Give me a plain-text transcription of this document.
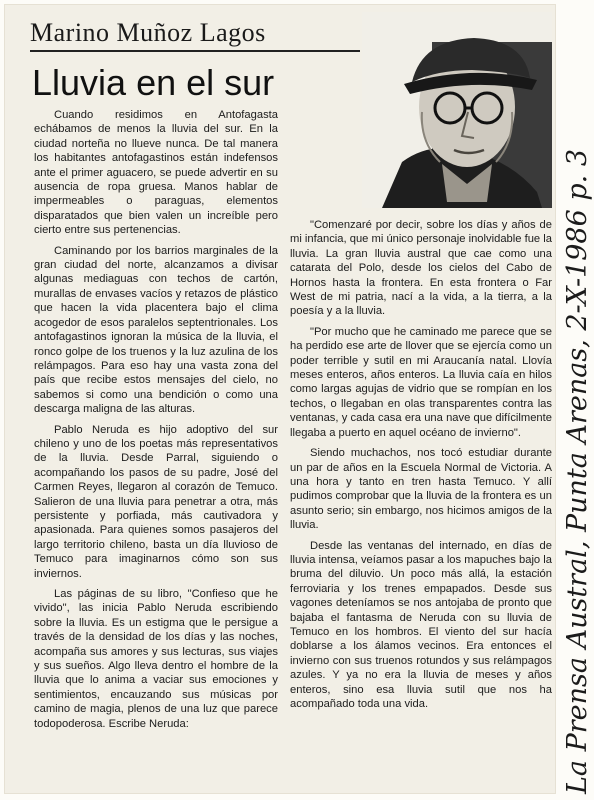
Marino Muñoz Lagos
Lluvia en el sur

Cuando residimos en Antofagasta echábamos de menos la lluvia del sur. En la ciudad norteña no llueve nunca. De tal manera los habitantes antofagastinos están indefensos ante el primer aguacero, se puede advertir en su ausencia de ropa gruesa. Manos hablar de impermeables o paraguas, elementos disparatados que bien valen un increíble pero cierto entre sus pertenencias.

Caminando por los barrios marginales de la gran ciudad del norte, alcanzamos a divisar algunas mediaguas con techos de cartón, murallas de envases vacíos y retazos de plástico que hacen la vida placentera bajo el clima acogedor de esos paralelos septentrionales. Los antofagastinos ignoran la música de la lluvia, el ronco golpe de los truenos y la luz azulina de los relámpagos. Para eso hay una vasta zona del país que recibe estos mensajes del cielo, no sabemos si como una bendición o como una descarga maligna de las alturas.

Pablo Neruda es hijo adoptivo del sur chileno y uno de los poetas más representativos de la lluvia. Desde Parral, siguiendo o acompañando los pasos de su padre, José del Carmen Reyes, llegaron al corazón de Temuco. Salieron de una lluvia para penetrar a otra, más persistente y porfiada, más cautivadora y apasionada. Para quienes somos pasajeros del largo territorio chileno, basta un día lluvioso de Temuco para imaginarnos cómo son sus inviernos.

Las páginas de su libro, "Confieso que he vivido", las inicia Pablo Neruda escribiendo sobre la lluvia. Es un estigma que le persigue a través de la densidad de los días y las noches, acompaña sus amores y sus lecturas, sus viajes y sus sueños. Algo lleva dentro el hombre de la lluvia que lo anima a vaciar sus emociones y sentimientos, encauzando sus músicas por camino de magia, plenos de una luz que parece todopoderosa. Escribe Neruda:

"Comenzaré por decir, sobre los días y años de mi infancia, que mi único personaje inolvidable fue la lluvia. La gran lluvia austral que cae como una catarata del Polo, desde los cielos del Cabo de Hornos hasta la frontera. En esta frontera o Far West de mi patria, nací a la vida, a la tierra, a la poesía y a la lluvia.

"Por mucho que he caminado me parece que se ha perdido ese arte de llover que se ejercía como un poder terrible y sutil en mi Araucanía natal. Llovía meses enteros, años enteros. La lluvia caía en hilos como largas agujas de vidrio que se rompían en los techos, o llegaban en olas transparentes contra las ventanas, y cada casa era una nave que difícilmente llegaba a puerto en aquel océano de invierno".

Siendo muchachos, nos tocó estudiar durante un par de años en la Escuela Normal de Victoria. A una hora y tanto en tren hasta Temuco. Y allí pudimos comprobar que la lluvia de la frontera es un asunto serio; sin embargo, nos hicimos amigos de la lluvia.

Desde las ventanas del internado, en días de lluvia intensa, veíamos pasar a los mapuches bajo la bruma del diluvio. Un poco más allá, la estación ferroviaria y los trenes empapados. Desde sus vagones deteníamos se nos antojaba de pronto que bajaba el fantasma de Neruda con su lluvia de Temuco en los hombros. El viento del sur hacía doblarse a los álamos vecinos. Era entonces el invierno con sus truenos rotundos y sus relámpagos azules. Y ya no era la lluvia de meses y años enteros, sino esa lluvia sutil que nos ha acompañado toda una vida.	La Prensa Austral, Punta Arenas, 2-X-1986 p. 3
